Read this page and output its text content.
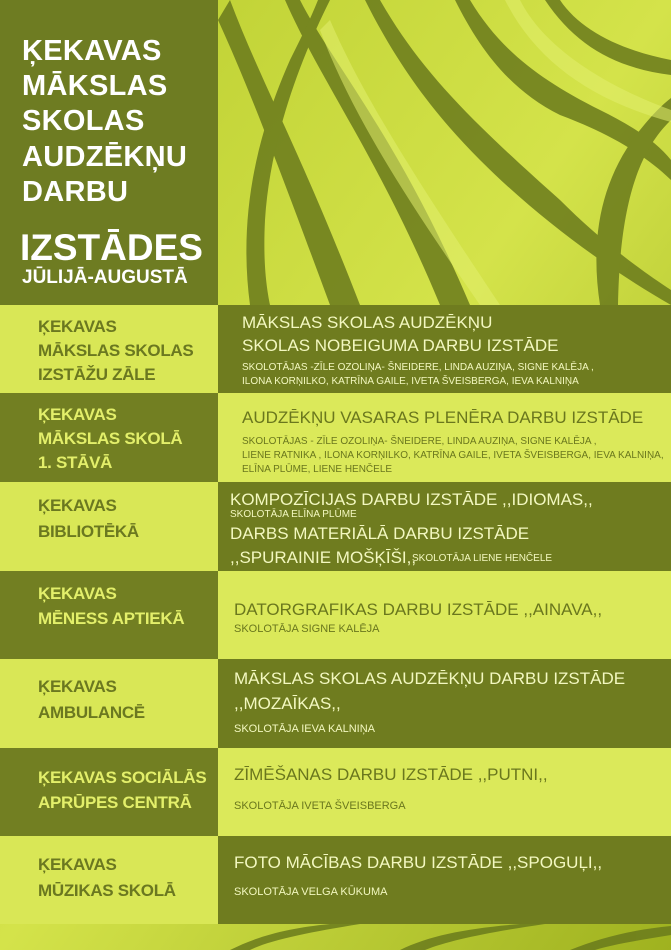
ĶEKAVAS
MĀKSLAS
SKOLAS
AUDZĒKŅU
DARBU
IZSTĀDES
JŪLIJĀ-AUGUSTĀ
ĶEKAVAS
MĀKSLAS SKOLAS
IZSTĀŽU ZĀLE
MĀKSLAS SKOLAS AUDZĒKŅU
SKOLAS NOBEIGUMA DARBU IZSTĀDE
SKOLOTĀJAS -ZĪLE OZOLIŅA- ŠNEIDERE, LINDA AUZIŅA, SIGNE KALĒJA ,
ILONA KORŅILKO, KATRĪNA GAILE, IVETA ŠVEISBERGA, IEVA KALNIŅA
ĶEKAVAS
MĀKSLAS SKOLĀ
1. STĀVĀ
AUDZĒKŅU VASARAS PLENĒRA DARBU IZSTĀDE
SKOLOTĀJAS - ZĪLE OZOLIŅA- ŠNEIDERE, LINDA AUZIŅA, SIGNE KALĒJA ,
LIENE RATNIKA , ILONA KORŅILKO, KATRĪNA GAILE, IVETA ŠVEISBERGA, IEVA KALNIŅA,
ELĪNA PLŪME, LIENE HENČELE
ĶEKAVAS
BIBLIOTĒKĀ
KOMPOZĪCIJAS DARBU IZSTĀDE ,,IDIOMAS,,
SKOLOTĀJA ELĪNA PLŪME
DARBS MATERIĀLĀ DARBU IZSTĀDE
,,SPURAINIE MOŠĶĪŠI,,
SKOLOTĀJA LIENE HENČELE
ĶEKAVAS
MĒNESS APTIEKĀ	DATORGRAFIKAS DARBU IZSTĀDE ,,AINAVA,,
SKOLOTĀJA SIGNE KALĒJA
ĶEKAVAS
AMBULANCĒ
MĀKSLAS SKOLAS AUDZĒKŅU DARBU IZSTĀDE
,,MOZAĪKAS,,
SKOLOTĀJA IEVA KALNIŅA
ĶEKAVAS SOCIĀLĀS
APRŪPES CENTRĀ
ZĪMĒŠANAS DARBU IZSTĀDE ,,PUTNI,,
SKOLOTĀJA IVETA ŠVEISBERGA
ĶEKAVAS
MŪZIKAS SKOLĀ
FOTO MĀCĪBAS DARBU IZSTĀDE ,,SPOGUĻI,,
SKOLOTĀJA VELGA KŪKUMA
